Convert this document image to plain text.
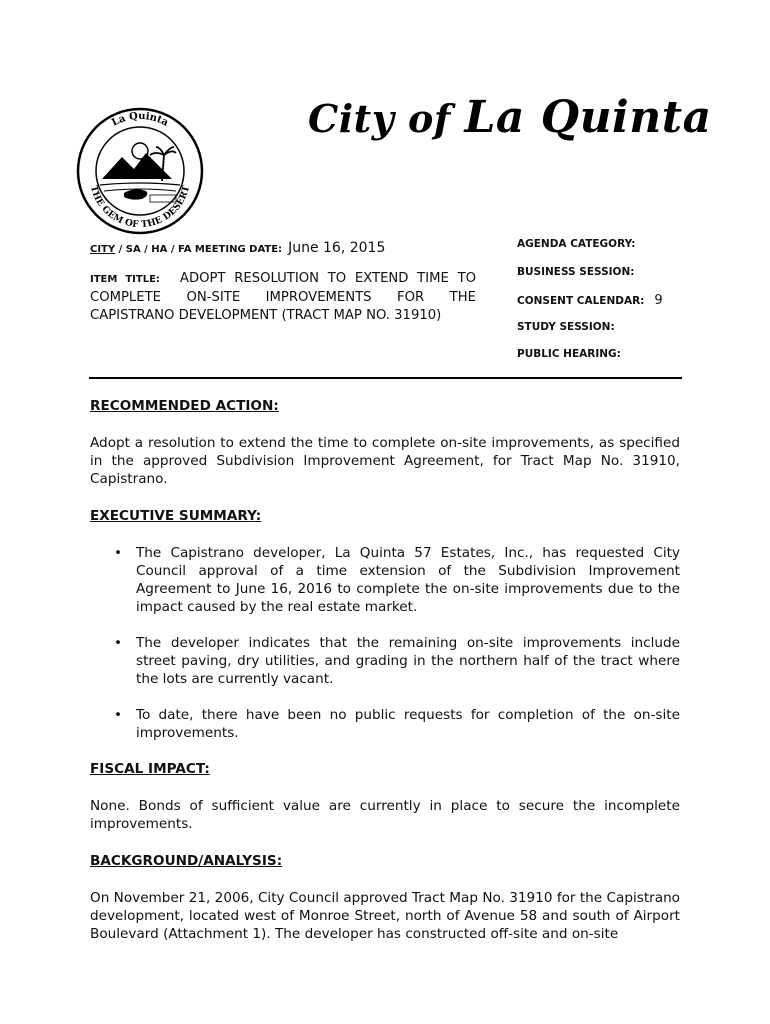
La Quinta
THE GEM OF THE DESERT
City of La Quinta
CITY / SA / HA / FA MEETING DATE: June 16, 2015
ITEM TITLE: ADOPT RESOLUTION TO EXTEND TIME TO COMPLETE ON-SITE IMPROVEMENTS FOR THE CAPISTRANO DEVELOPMENT (TRACT MAP NO. 31910)
AGENDA CATEGORY:
BUSINESS SESSION:
CONSENT CALENDAR: 9
STUDY SESSION:
PUBLIC HEARING:
RECOMMENDED ACTION:

Adopt a resolution to extend the time to complete on-site improvements, as specified in the approved Subdivision Improvement Agreement, for Tract Map No. 31910, Capistrano.

EXECUTIVE SUMMARY:
• The Capistrano developer, La Quinta 57 Estates, Inc., has requested City Council approval of a time extension of the Subdivision Improvement Agreement to June 16, 2016 to complete the on-site improvements due to the impact caused by the real estate market.
• The developer indicates that the remaining on-site improvements include street paving, dry utilities, and grading in the northern half of the tract where the lots are currently vacant.
• To date, there have been no public requests for completion of the on-site improvements.
FISCAL IMPACT:

None. Bonds of sufficient value are currently in place to secure the incomplete improvements.

BACKGROUND/ANALYSIS:

On November 21, 2006, City Council approved Tract Map No. 31910 for the Capistrano development, located west of Monroe Street, north of Avenue 58 and south of Airport Boulevard (Attachment 1). The developer has constructed off-site and on-site
